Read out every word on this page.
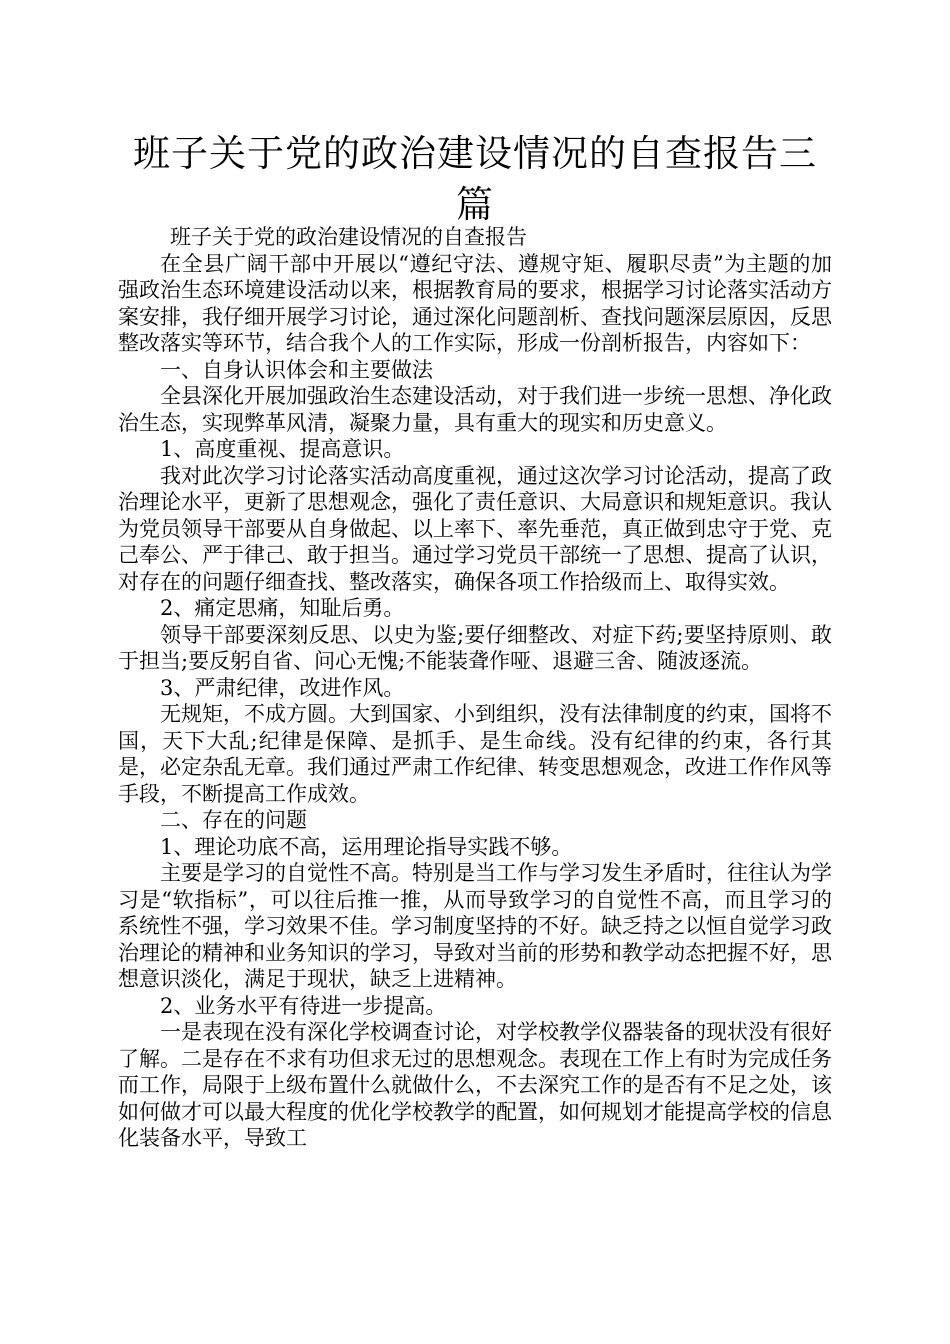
班子关于党的政治建设情况的自查报告三篇

班子关于党的政治建设情况的自查报告

在全县广阔干部中开展以“遵纪守法、遵规守矩、履职尽责”为主题的加强政治生态环境建设活动以来，根据教育局的要求，根据学习讨论落实活动方案安排，我仔细开展学习讨论，通过深化问题剖析、查找问题深层原因，反思整改落实等环节，结合我个人的工作实际，形成一份剖析报告，内容如下：

一、自身认识体会和主要做法

全县深化开展加强政治生态建设活动，对于我们进一步统一思想、净化政治生态，实现弊革风清，凝聚力量，具有重大的现实和历史意义。

1、高度重视、提高意识。

我对此次学习讨论落实活动高度重视，通过这次学习讨论活动，提高了政治理论水平，更新了思想观念，强化了责任意识、大局意识和规矩意识。我认为党员领导干部要从自身做起、以上率下、率先垂范，真正做到忠守于党、克己奉公、严于律己、敢于担当。通过学习党员干部统一了思想、提高了认识，对存在的问题仔细查找、整改落实，确保各项工作拾级而上、取得实效。

2、痛定思痛，知耻后勇。

领导干部要深刻反思、以史为鉴;要仔细整改、对症下药;要坚持原则、敢于担当;要反躬自省、问心无愧;不能装聋作哑、退避三舍、随波逐流。

3、严肃纪律，改进作风。

无规矩，不成方圆。大到国家、小到组织，没有法律制度的约束，国将不国，天下大乱;纪律是保障、是抓手、是生命线。没有纪律的约束，各行其是，必定杂乱无章。我们通过严肃工作纪律、转变思想观念，改进工作作风等手段，不断提高工作成效。

二、存在的问题

1、理论功底不高，运用理论指导实践不够。

主要是学习的自觉性不高。特别是当工作与学习发生矛盾时，往往认为学习是“软指标”，可以往后推一推，从而导致学习的自觉性不高，而且学习的系统性不强，学习效果不佳。学习制度坚持的不好。缺乏持之以恒自觉学习政治理论的精神和业务知识的学习，导致对当前的形势和教学动态把握不好，思想意识淡化，满足于现状，缺乏上进精神。

2、业务水平有待进一步提高。

一是表现在没有深化学校调查讨论，对学校教学仪器装备的现状没有很好了解。二是存在不求有功但求无过的思想观念。表现在工作上有时为完成任务而工作，局限于上级布置什么就做什么，不去深究工作的是否有不足之处，该如何做才可以最大程度的优化学校教学的配置，如何规划才能提高学校的信息化装备水平，导致工
